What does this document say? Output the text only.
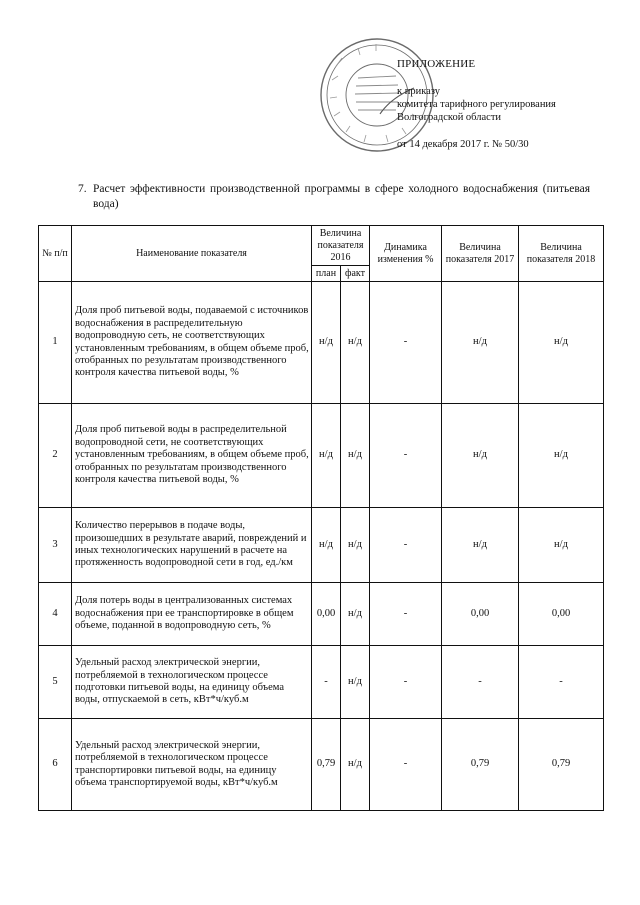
ПРИЛОЖЕНИЕ
к приказу
комитета тарифного регулирования
Волгоградской области
от 14 декабря 2017 г. № 50/30
7. Расчет эффективности производственной программы в сфере холодного водоснабжения (питьевая вода)
№ п/п	Наименование показателя	Величина показателя 2016		Динамика изменения %	Величина показателя 2017	Величина показателя 2018
		план	факт			
1	Доля проб питьевой воды, подаваемой с источников водоснабжения в распределительную водопроводную сеть, не соответствующих установленным требованиям, в общем объеме проб, отобранных по результатам производственного контроля качества питьевой воды, %	н/д	н/д	-	н/д	н/д
2	Доля проб питьевой воды в распределительной водопроводной сети, не соответствующих установленным требованиям, в общем объеме проб, отобранных по результатам производственного контроля качества питьевой воды, %	н/д	н/д	-	н/д	н/д
3	Количество перерывов в подаче воды, произошедших в результате аварий, повреждений и иных технологических нарушений в расчете на протяженность водопроводной сети в год, ед./км	н/д	н/д	-	н/д	н/д
4	Доля потерь воды в централизованных системах водоснабжения при ее транспортировке в общем объеме, поданной в водопроводную сеть, %	0,00	н/д	-	0,00	0,00
5	Удельный расход электрической энергии, потребляемой в технологическом процессе подготовки питьевой воды, на единицу объема воды, отпускаемой в сеть, кВт*ч/куб.м	-	н/д	-	-	-
6	Удельный расход электрической энергии, потребляемой в технологическом процессе транспортировки питьевой воды, на единицу объема транспортируемой воды, кВт*ч/куб.м	0,79	н/д	-	0,79	0,79
